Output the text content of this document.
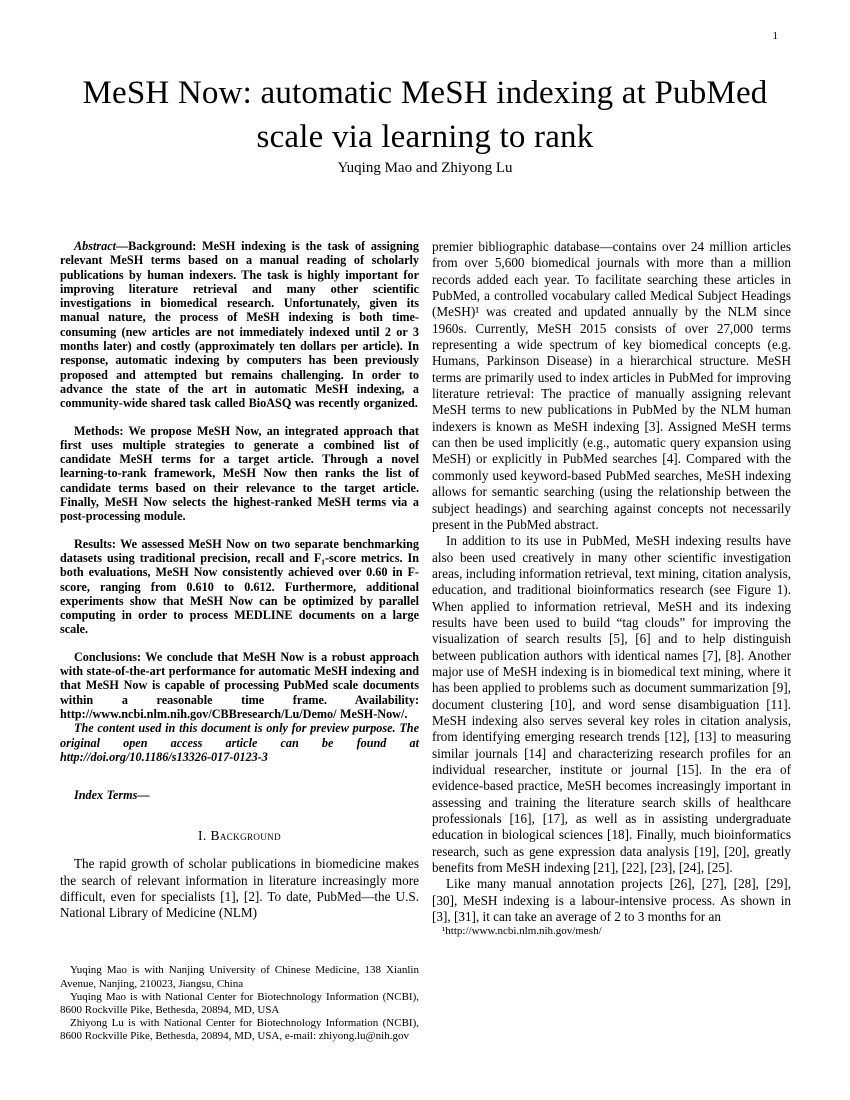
1
MeSH Now: automatic MeSH indexing at PubMed scale via learning to rank
Yuqing Mao and Zhiyong Lu

Abstract—Background: MeSH indexing is the task of assigning relevant MeSH terms based on a manual reading of scholarly publications by human indexers. The task is highly important for improving literature retrieval and many other scientific investigations in biomedical research. Unfortunately, given its manual nature, the process of MeSH indexing is both time-consuming (new articles are not immediately indexed until 2 or 3 months later) and costly (approximately ten dollars per article). In response, automatic indexing by computers has been previously proposed and attempted but remains challenging. In order to advance the state of the art in automatic MeSH indexing, a community-wide shared task called BioASQ was recently organized.

Methods: We propose MeSH Now, an integrated approach that first uses multiple strategies to generate a combined list of candidate MeSH terms for a target article. Through a novel learning-to-rank framework, MeSH Now then ranks the list of candidate terms based on their relevance to the target article. Finally, MeSH Now selects the highest-ranked MeSH terms via a post-processing module.

Results: We assessed MeSH Now on two separate benchmarking datasets using traditional precision, recall and F₁-score metrics. In both evaluations, MeSH Now consistently achieved over 0.60 in F-score, ranging from 0.610 to 0.612. Furthermore, additional experiments show that MeSH Now can be optimized by parallel computing in order to process MEDLINE documents on a large scale.

Conclusions: We conclude that MeSH Now is a robust approach with state-of-the-art performance for automatic MeSH indexing and that MeSH Now is capable of processing PubMed scale documents within a reasonable time frame. Availability: http://www.ncbi.nlm.nih.gov/CBBresearch/Lu/Demo/ MeSH-Now/.

The content used in this document is only for preview purpose. The original open access article can be found at http://doi.org/10.1186/s13326-017-0123-3

Index Terms—

I. Background

The rapid growth of scholar publications in biomedicine makes the search of relevant information in literature increasingly more difficult, even for specialists [1], [2]. To date, PubMed—the U.S. National Library of Medicine (NLM)

Yuqing Mao is with Nanjing University of Chinese Medicine, 138 Xianlin Avenue, Nanjing, 210023, Jiangsu, China

Yuqing Mao is with National Center for Biotechnology Information (NCBI), 8600 Rockville Pike, Bethesda, 20894, MD, USA

Zhiyong Lu is with National Center for Biotechnology Information (NCBI), 8600 Rockville Pike, Bethesda, 20894, MD, USA, e-mail: zhiyong.lu@nih.gov

premier bibliographic database—contains over 24 million articles from over 5,600 biomedical journals with more than a million records added each year. To facilitate searching these articles in PubMed, a controlled vocabulary called Medical Subject Headings (MeSH)¹ was created and updated annually by the NLM since 1960s. Currently, MeSH 2015 consists of over 27,000 terms representing a wide spectrum of key biomedical concepts (e.g. Humans, Parkinson Disease) in a hierarchical structure. MeSH terms are primarily used to index articles in PubMed for improving literature retrieval: The practice of manually assigning relevant MeSH terms to new publications in PubMed by the NLM human indexers is known as MeSH indexing [3]. Assigned MeSH terms can then be used implicitly (e.g., automatic query expansion using MeSH) or explicitly in PubMed searches [4]. Compared with the commonly used keyword-based PubMed searches, MeSH indexing allows for semantic searching (using the relationship between the subject headings) and searching against concepts not necessarily present in the PubMed abstract.

In addition to its use in PubMed, MeSH indexing results have also been used creatively in many other scientific investigation areas, including information retrieval, text mining, citation analysis, education, and traditional bioinformatics research (see Figure 1). When applied to information retrieval, MeSH and its indexing results have been used to build “tag clouds” for improving the visualization of search results [5], [6] and to help distinguish between publication authors with identical names [7], [8]. Another major use of MeSH indexing is in biomedical text mining, where it has been applied to problems such as document summarization [9], document clustering [10], and word sense disambiguation [11]. MeSH indexing also serves several key roles in citation analysis, from identifying emerging research trends [12], [13] to measuring similar journals [14] and characterizing research profiles for an individual researcher, institute or journal [15]. In the era of evidence-based practice, MeSH becomes increasingly important in assessing and training the literature search skills of healthcare professionals [16], [17], as well as in assisting undergraduate education in biological sciences [18]. Finally, much bioinformatics research, such as gene expression data analysis [19], [20], greatly benefits from MeSH indexing [21], [22], [23], [24], [25].

Like many manual annotation projects [26], [27], [28], [29], [30], MeSH indexing is a labour-intensive process. As shown in [3], [31], it can take an average of 2 to 3 months for an

¹http://www.ncbi.nlm.nih.gov/mesh/
